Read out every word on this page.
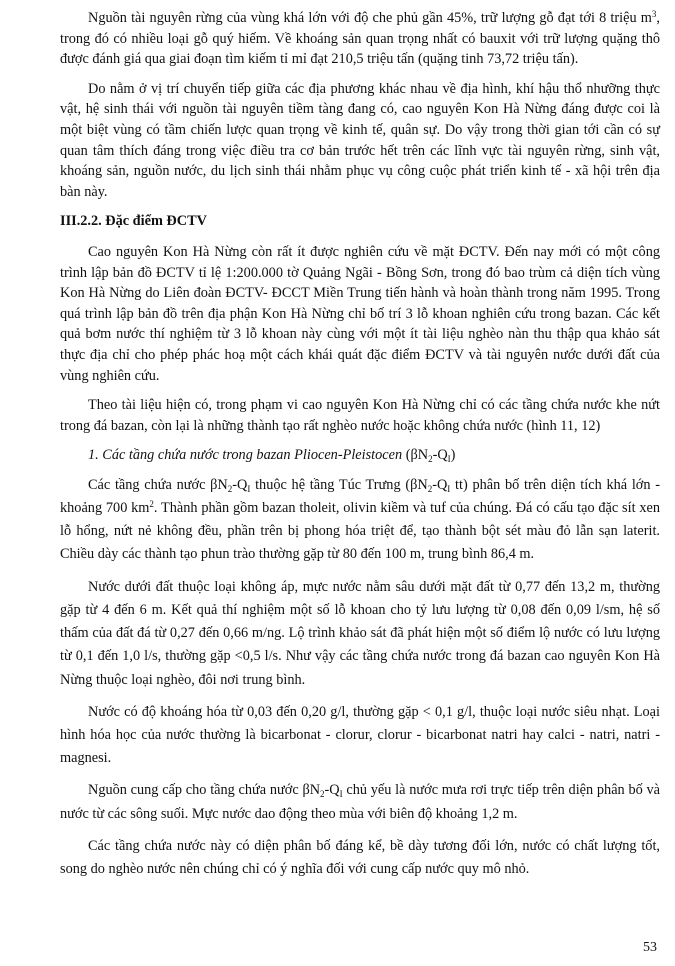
Nguồn tài nguyên rừng của vùng khá lớn với độ che phủ gần 45%, trữ lượng gỗ đạt tới 8 triệu $m^3$, trong đó có nhiều loại gỗ quý hiếm. Về khoáng sản quan trọng nhất có bauxit với trữ lượng quặng thô được đánh giá qua giai đoạn tìm kiếm tỉ mỉ đạt 210,5 triệu tấn (quặng tinh 73,72 triệu tấn).

Do nằm ở vị trí chuyển tiếp giữa các địa phương khác nhau về địa hình, khí hậu thổ nhưỡng thực vật, hệ sinh thái với nguồn tài nguyên tiềm tàng đang có, cao nguyên Kon Hà Nừng đáng được coi là một biệt vùng có tầm chiến lược quan trọng về kinh tế, quân sự. Do vậy trong thời gian tới cần có sự quan tâm thích đáng trong việc điều tra cơ bản trước hết trên các lĩnh vực tài nguyên rừng, sinh vật, khoáng sản, nguồn nước, du lịch sinh thái nhằm phục vụ công cuộc phát triển kinh tế - xã hội trên địa bàn này.

III.2.2. Đặc điểm ĐCTV

Cao nguyên Kon Hà Nừng còn rất ít được nghiên cứu về mặt ĐCTV. Đến nay mới có một công trình lập bản đồ ĐCTV tỉ lệ 1:200.000 tờ Quảng Ngãi - Bồng Sơn, trong đó bao trùm cả diện tích vùng Kon Hà Nừng do Liên đoàn ĐCTV- ĐCCT Miền Trung tiến hành và hoàn thành trong năm 1995. Trong quá trình lập bản đồ trên địa phận Kon Hà Nừng chỉ bố trí 3 lỗ khoan nghiên cứu trong bazan. Các kết quả bơm nước thí nghiệm từ 3 lỗ khoan này cùng với một ít tài liệu nghèo nàn thu thập qua khảo sát thực địa chỉ cho phép phác hoạ một cách khái quát đặc điểm ĐCTV và tài nguyên nước dưới đất của vùng nghiên cứu.

Theo tài liệu hiện có, trong phạm vi cao nguyên Kon Hà Nừng chỉ có các tầng chứa nước khe nứt trong đá bazan, còn lại là những thành tạo rất nghèo nước hoặc không chứa nước (hình 11, 12)

1. Các tầng chứa nước trong bazan Pliocen-Pleistocen $(\beta N_2-Q_I)$

Các tầng chứa nước $\beta N_2-Q_I$ thuộc hệ tầng Túc Trưng ($\beta N_2-Q_I$ tt) phân bố trên diện tích khá lớn - khoảng 700 $km^2$. Thành phần gồm bazan tholeit, olivin kiềm và tuf của chúng. Đá có cấu tạo đặc sít xen lỗ hổng, nứt nẻ không đều, phần trên bị phong hóa triệt để, tạo thành bột sét màu đỏ lẫn sạn laterit. Chiều dày các thành tạo phun trào thường gặp từ 80 đến 100 m, trung bình 86,4 m.

Nước dưới đất thuộc loại không áp, mực nước nằm sâu dưới mặt đất từ 0,77 đến 13,2 m, thường gặp từ 4 đến 6 m. Kết quả thí nghiệm một số lỗ khoan cho tỷ lưu lượng từ 0,08 đến 0,09 l/sm, hệ số thấm của đất đá từ 0,27 đến 0,66 m/ng. Lộ trình khảo sát đã phát hiện một số điểm lộ nước có lưu lượng từ 0,1 đến 1,0 l/s, thường gặp <0,5 l/s. Như vậy các tầng chứa nước trong đá bazan cao nguyên Kon Hà Nừng thuộc loại nghèo, đôi nơi trung bình.

Nước có độ khoáng hóa từ 0,03 đến 0,20 g/l, thường gặp < 0,1 g/l, thuộc loại nước siêu nhạt. Loại hình hóa học của nước thường là bicarbonat - clorur, clorur - bicarbonat natri hay calci - natri, natri - magnesi.

Nguồn cung cấp cho tầng chứa nước $\beta N_2-Q_I$ chủ yếu là nước mưa rơi trực tiếp trên diện phân bố và nước từ các sông suối. Mực nước dao động theo mùa với biên độ khoảng 1,2 m.

Các tầng chứa nước này có diện phân bố đáng kể, bề dày tương đối lớn, nước có chất lượng tốt, song do nghèo nước nên chúng chỉ có ý nghĩa đối với cung cấp nước quy mô nhỏ.

53
